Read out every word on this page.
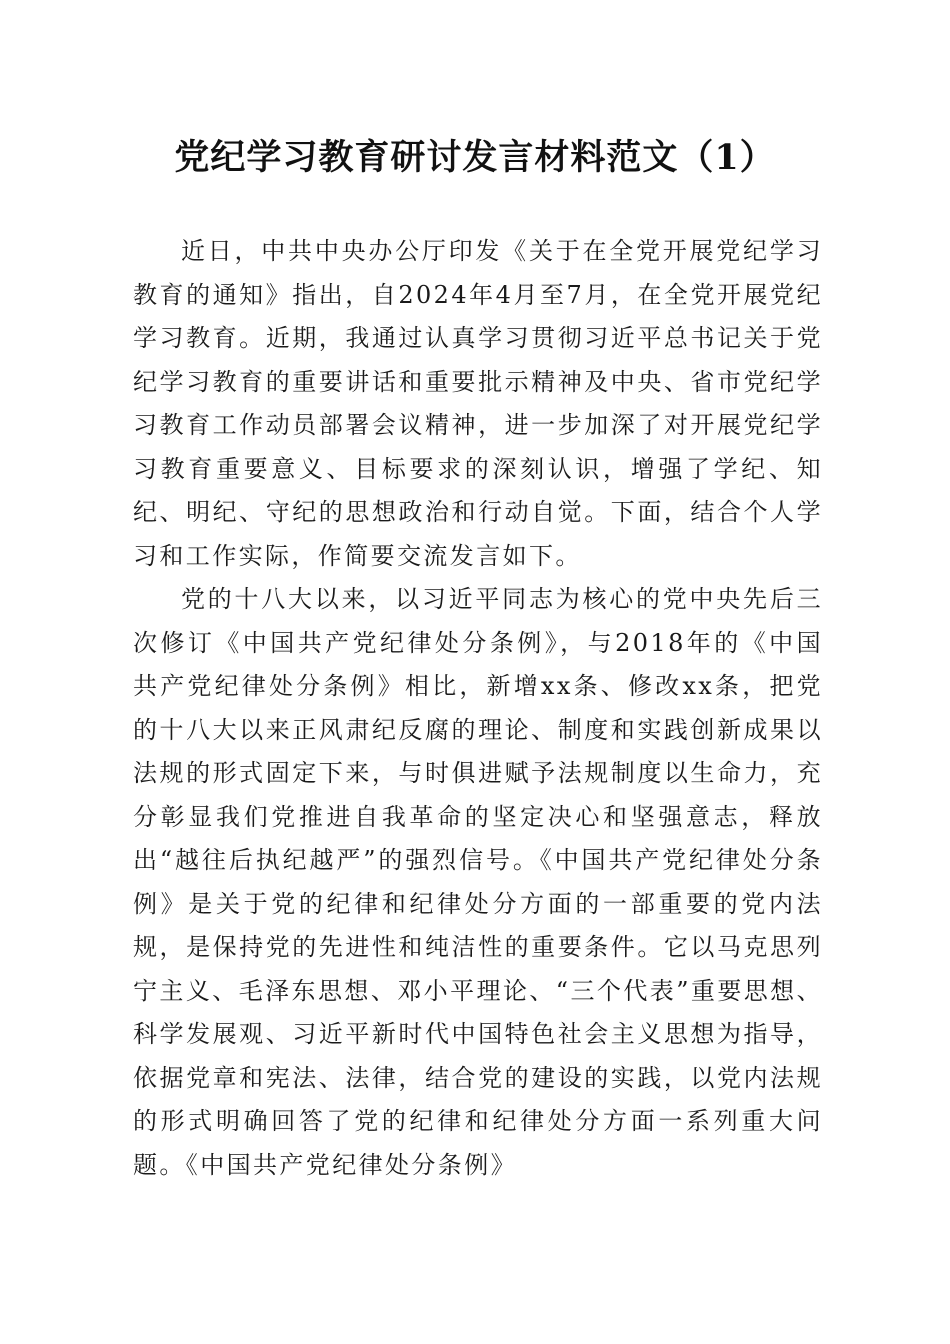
党纪学习教育研讨发言材料范文（1）

近日，中共中央办公厅印发《关于在全党开展党纪学习教育的通知》指出，自2024年4月至7月，在全党开展党纪学习教育。近期，我通过认真学习贯彻习近平总书记关于党纪学习教育的重要讲话和重要批示精神及中央、省市党纪学习教育工作动员部署会议精神，进一步加深了对开展党纪学习教育重要意义、目标要求的深刻认识，增强了学纪、知纪、明纪、守纪的思想政治和行动自觉。下面，结合个人学习和工作实际，作简要交流发言如下。

党的十八大以来，以习近平同志为核心的党中央先后三次修订《中国共产党纪律处分条例》，与2018年的《中国共产党纪律处分条例》相比，新增xx条、修改xx条，把党的十八大以来正风肃纪反腐的理论、制度和实践创新成果以法规的形式固定下来，与时俱进赋予法规制度以生命力，充分彰显我们党推进自我革命的坚定决心和坚强意志，释放出“越往后执纪越严”的强烈信号。《中国共产党纪律处分条例》是关于党的纪律和纪律处分方面的一部重要的党内法规，是保持党的先进性和纯洁性的重要条件。它以马克思列宁主义、毛泽东思想、邓小平理论、“三个代表”重要思想、科学发展观、习近平新时代中国特色社会主义思想为指导，依据党章和宪法、法律，结合党的建设的实践，以党内法规的形式明确回答了党的纪律和纪律处分方面一系列重大问题。《中国共产党纪律处分条例》
